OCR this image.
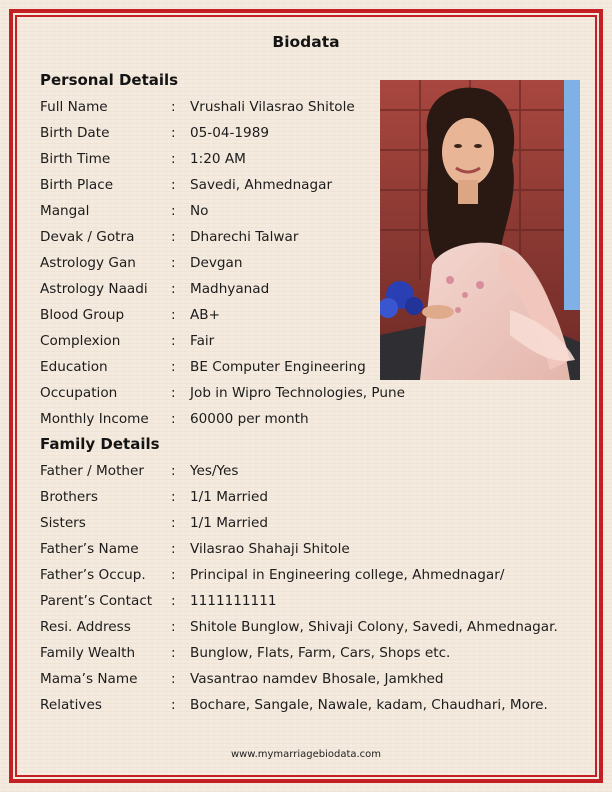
Biodata
Personal Details
Family Details
Full Name	: Vrushali Vilasrao Shitole
Birth Date	: 05-04-1989
Birth Time	: 1:20 AM
Birth Place	: Savedi, Ahmednagar
Mangal	: No
Devak / Gotra	: Dharechi Talwar
Astrology Gan	: Devgan
Astrology Naadi : Madhyanad
Blood Group	: AB+
Complexion	: Fair
Education	: BE Computer Engineering
Occupation	: Job in Wipro Technologies, Pune
Monthly Income : 60000 per month
Father / Mother : Yes/Yes
Brothers	: 1/1 Married
Sisters	: 1/1 Married
Father’s Name : Vilasrao Shahaji Shitole
Father’s Occup. : Principal in Engineering college, Ahmednagar/
Parent’s Contact : 1111111111
Resi. Address	: Shitole Bunglow, Shivaji Colony, Savedi, Ahmednagar.
Family Wealth	: Bunglow, Flats, Farm, Cars, Shops etc.
Mama’s Name : Vasantrao namdev Bhosale, Jamkhed
Relatives	: Bochare, Sangale, Nawale, kadam, Chaudhari, More.
www.mymarriagebiodata.com
